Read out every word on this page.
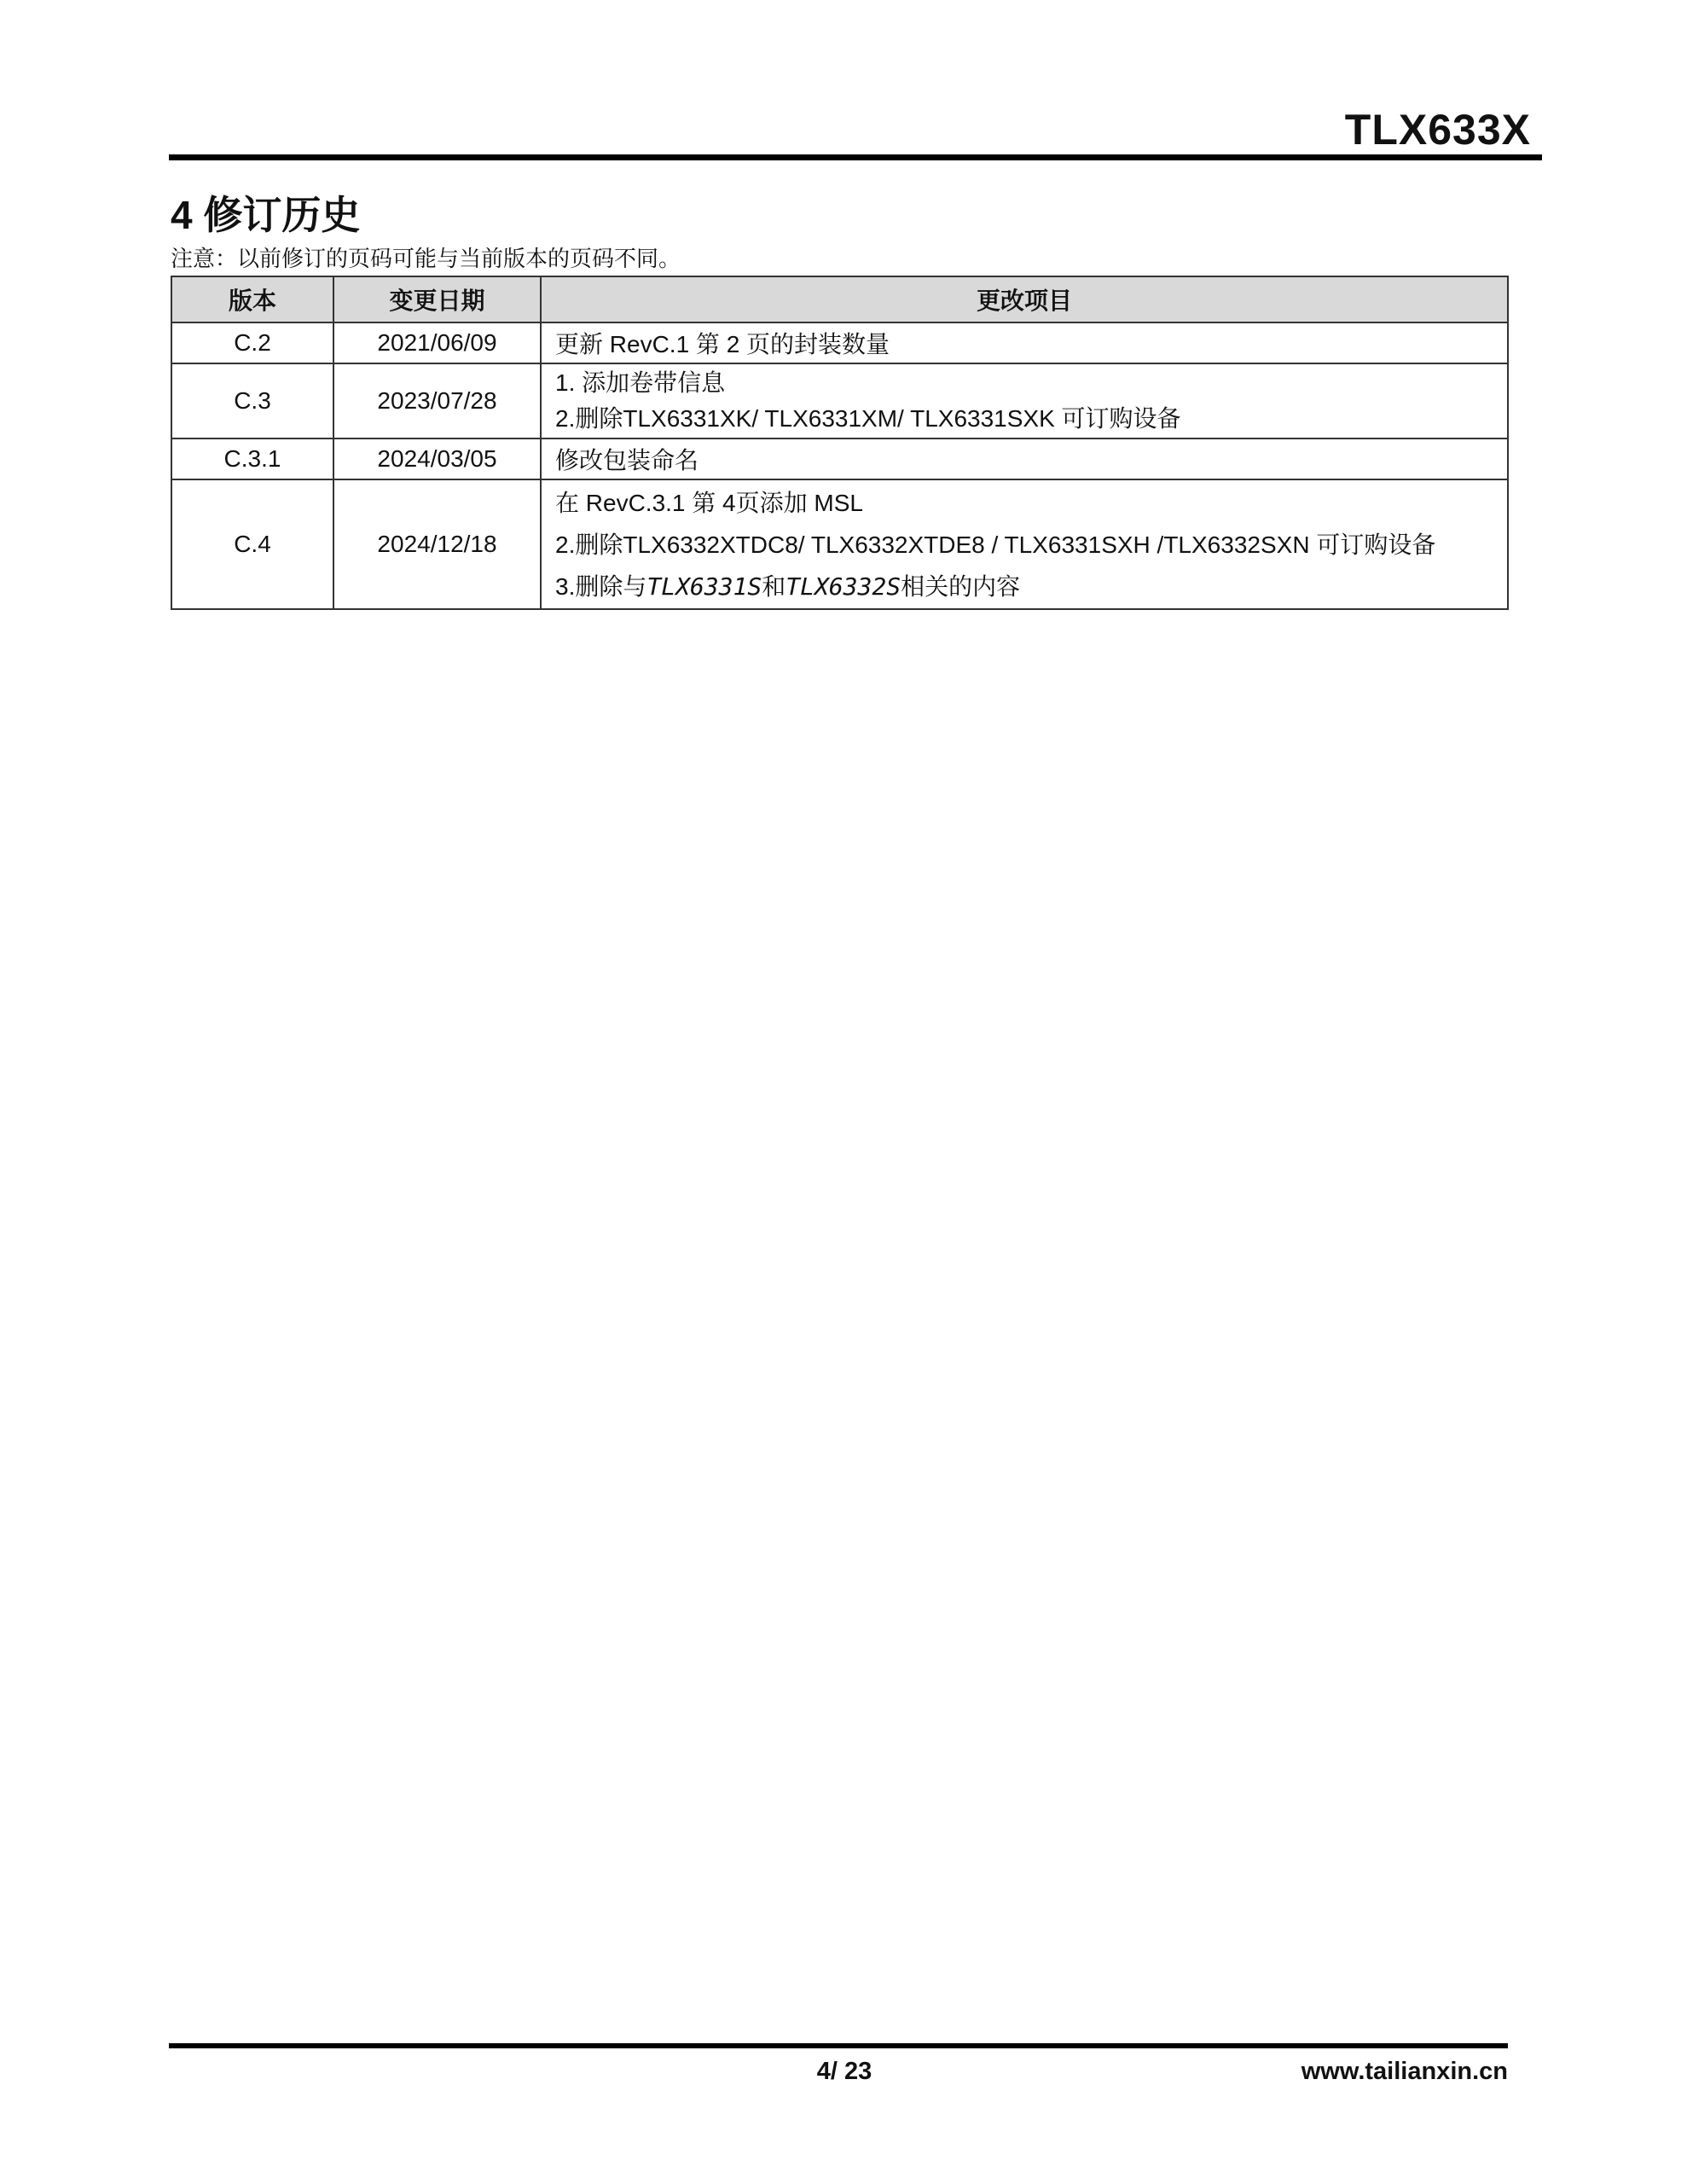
TLX633X
4 修订历史
注意：以前修订的页码可能与当前版本的页码不同。
版本	变更日期	更改项目
C.2	2021/06/09	更新 RevC.1 第 2 页的封装数量

C.3	2023/07/28	1. 添加卷带信息
2.删除TLX6331XK/ TLX6331XM/ TLX6331SXK 可订购设备

C.3.1	2024/03/05	修改包装命名

C.4	2024/12/18	在 RevC.3.1 第 4页添加 MSL
2.删除TLX6332XTDC8/ TLX6332XTDE8 / TLX6331SXH /TLX6332SXN 可订购设备
3.删除与TLX6331S和TLX6332S相关的内容
4/ 23	www.tailianxin.cn
